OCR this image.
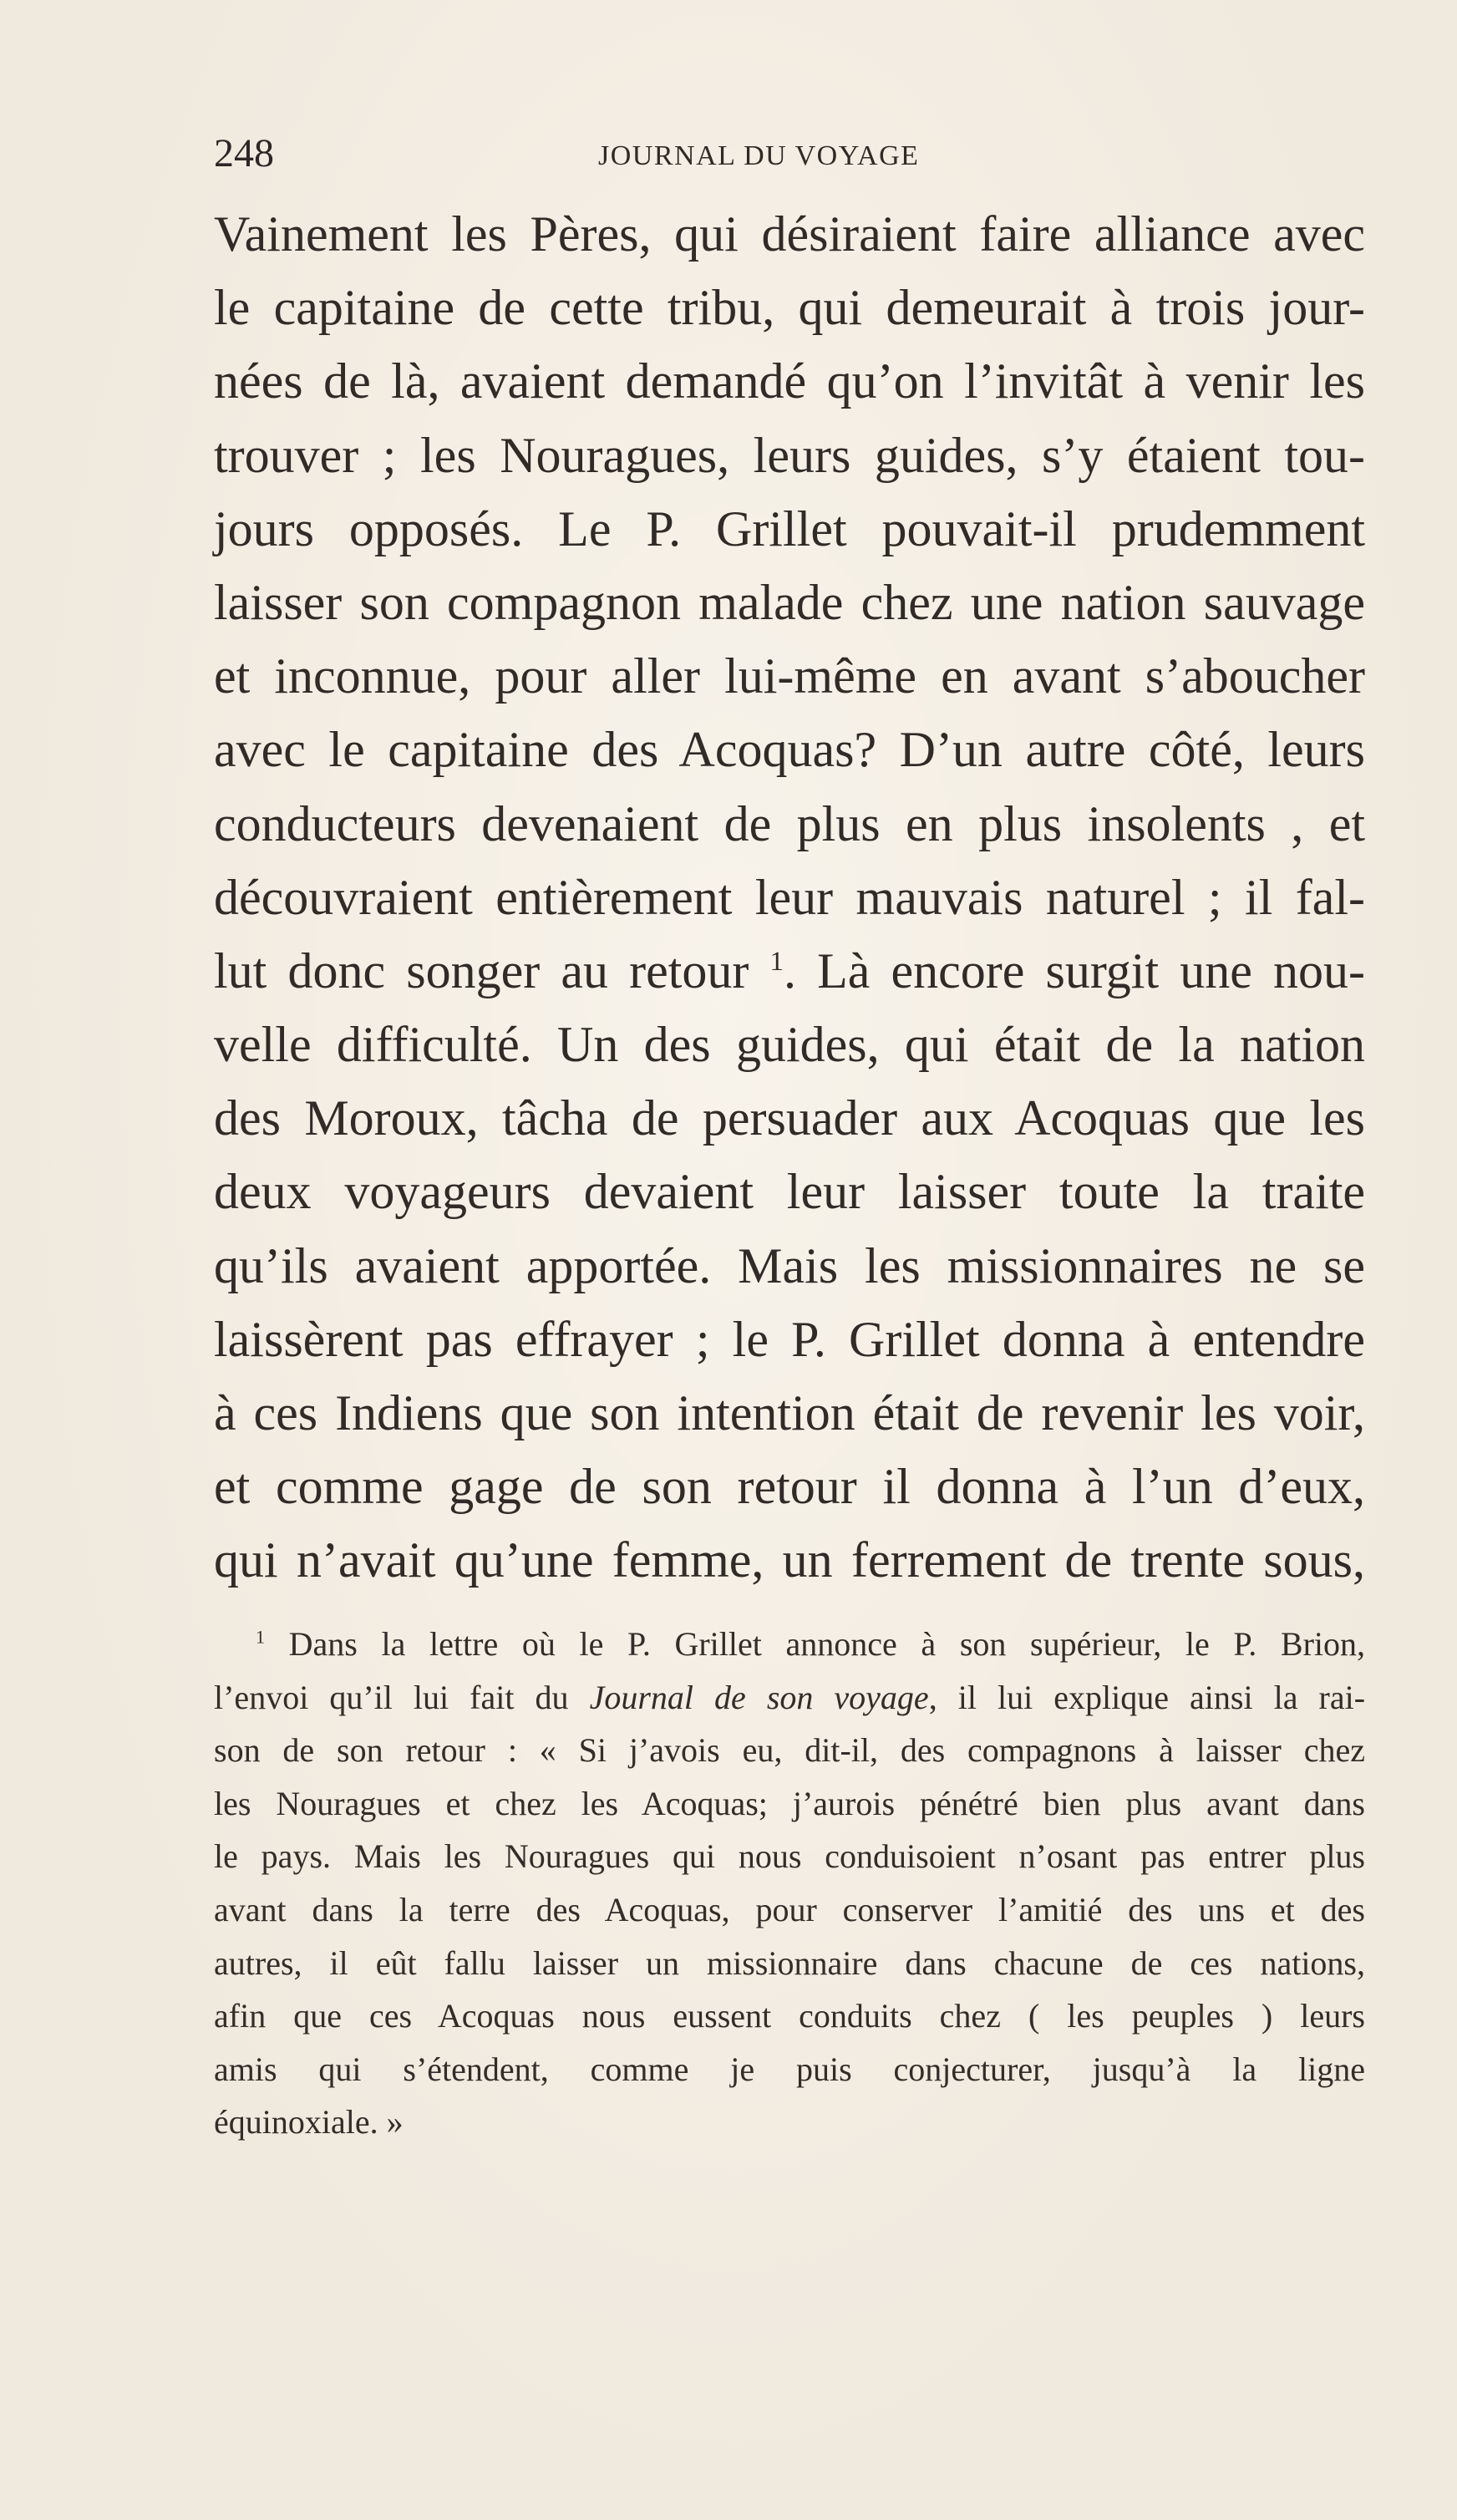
248	JOURNAL DU VOYAGE
Vainement les Pères, qui désiraient faire alliance avec
le capitaine de cette tribu, qui demeurait à trois jour-
nées de là, avaient demandé qu’on l’invitât à venir les
trouver ; les Nouragues, leurs guides, s’y étaient tou-
jours opposés. Le P. Grillet pouvait-il prudemment
laisser son compagnon malade chez une nation sauvage
et inconnue, pour aller lui-même en avant s’aboucher
avec le capitaine des Acoquas? D’un autre côté, leurs
conducteurs devenaient de plus en plus insolents , et
découvraient entièrement leur mauvais naturel ; il fal-
lut donc songer au retour $^1$. Là encore surgit une nou-
velle difficulté. Un des guides, qui était de la nation
des Moroux, tâcha de persuader aux Acoquas que les
deux voyageurs devaient leur laisser toute la traite
qu’ils avaient apportée. Mais les missionnaires ne se
laissèrent pas effrayer ; le P. Grillet donna à entendre
à ces Indiens que son intention était de revenir les voir,
et comme gage de son retour il donna à l’un d’eux,
qui n’avait qu’une femme, un ferrement de trente sous,
$^1$ Dans la lettre où le P. Grillet annonce à son supérieur, le P. Brion,
l’envoi qu’il lui fait du Journal de son voyage, il lui explique ainsi la rai-
son de son retour : « Si j’avois eu, dit-il, des compagnons à laisser chez
les Nouragues et chez les Acoquas; j’aurois pénétré bien plus avant dans
le pays. Mais les Nouragues qui nous conduisoient n’osant pas entrer plus
avant dans la terre des Acoquas, pour conserver l’amitié des uns et des
autres, il eût fallu laisser un missionnaire dans chacune de ces nations,
afin que ces Acoquas nous eussent conduits chez ( les peuples ) leurs
amis qui s’étendent, comme je puis conjecturer, jusqu’à la ligne
équinoxiale. »
